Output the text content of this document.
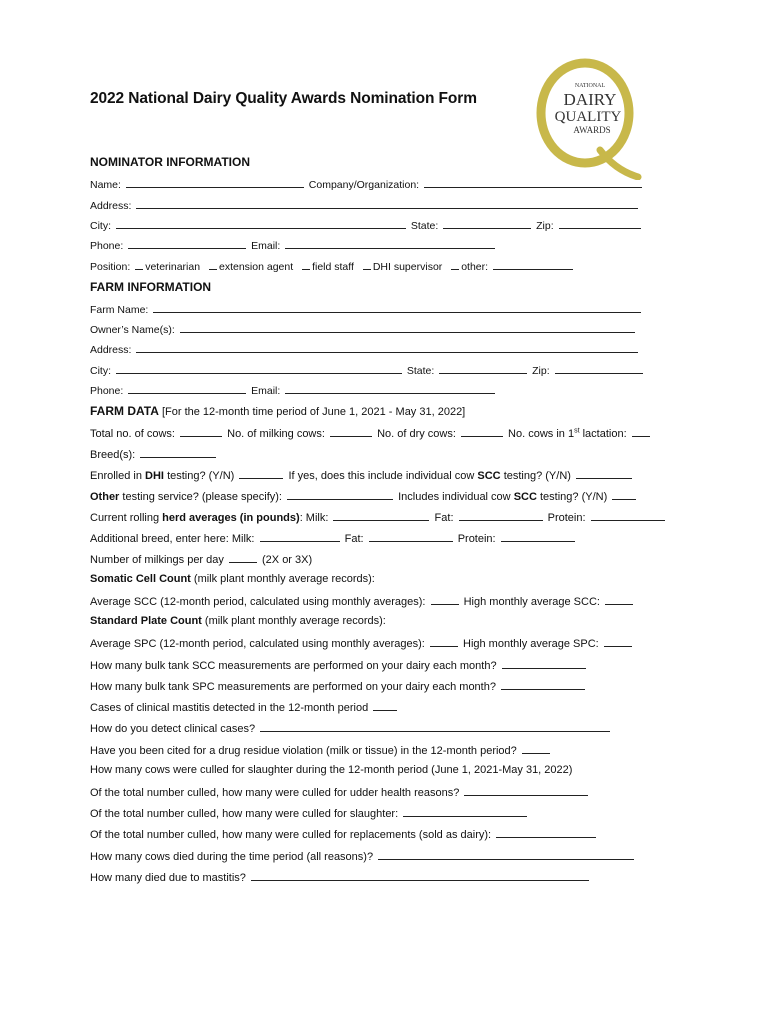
2022 National Dairy Quality Awards Nomination Form
NATIONAL
DAIRY
QUALITY
AWARDS
NOMINATOR INFORMATION
Name:	Company/Organization:
Address:
City:	State:	Zip:
Phone:	Email:
Position: veterinarian extension agent field staff DHI supervisor other:
FARM INFORMATION
Farm Name:
Owner’s Name(s):
Address:
City:	State:	Zip:
Phone:	Email:
FARM DATA [For the 12-month time period of June 1, 2021 - May 31, 2022]
Total no. of cows:	No. of milking cows:	No. of dry cows:	No. cows in 1st lactation:
Breed(s):
Enrolled in DHI testing? (Y/N)	If yes, does this include individual cow SCC testing? (Y/N)
Other testing service? (please specify):	Includes individual cow SCC testing? (Y/N)
Current rolling herd averages (in pounds): Milk:	Fat:	Protein:
Additional breed, enter here: Milk:	Fat:	Protein:
Number of milkings per day	(2X or 3X)
Somatic Cell Count (milk plant monthly average records):
Average SCC (12-month period, calculated using monthly averages):	High monthly average SCC:
Standard Plate Count (milk plant monthly average records):
Average SPC (12-month period, calculated using monthly averages):	High monthly average SPC:
How many bulk tank SCC measurements are performed on your dairy each month?
How many bulk tank SPC measurements are performed on your dairy each month?
Cases of clinical mastitis detected in the 12-month period
How do you detect clinical cases?
Have you been cited for a drug residue violation (milk or tissue) in the 12-month period?
How many cows were culled for slaughter during the 12-month period (June 1, 2021-May 31, 2022)
Of the total number culled, how many were culled for udder health reasons?
Of the total number culled, how many were culled for slaughter:
Of the total number culled, how many were culled for replacements (sold as dairy):
How many cows died during the time period (all reasons)?
How many died due to mastitis?
